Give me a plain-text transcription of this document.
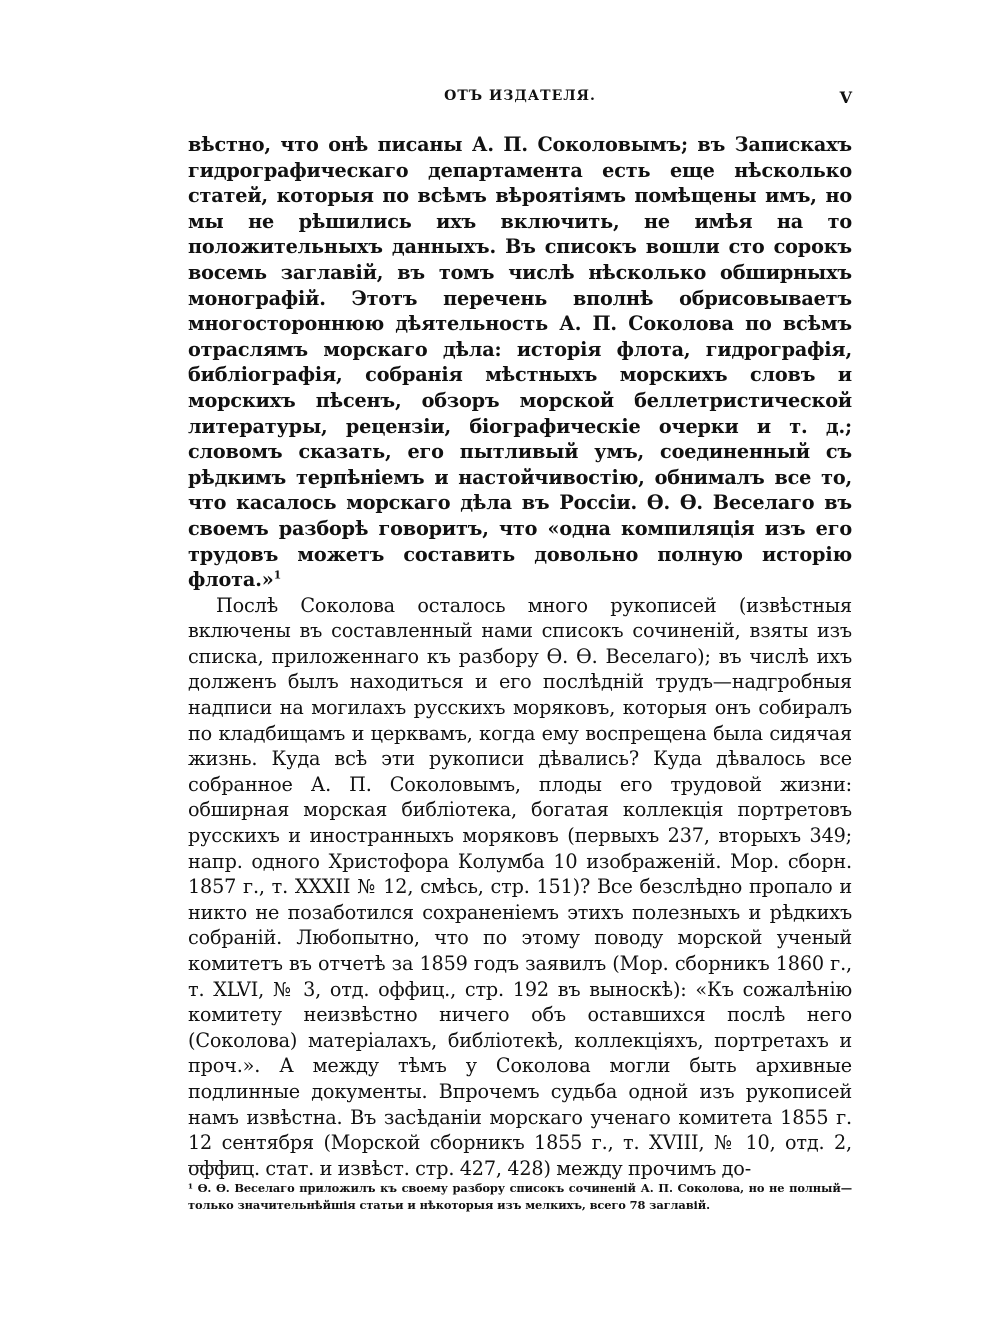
ОТЪ ИЗДАТЕЛЯ.	V

вѣстно, что онѣ писаны А. П. Соколовымъ; въ Запискахъ гидрографическаго департамента есть еще нѣсколько статей, которыя по всѣмъ вѣроятіямъ помѣщены имъ, но мы не рѣшились ихъ включить, не имѣя на то положительныхъ данныхъ. Въ списокъ вошли сто сорокъ восемь заглавій, въ томъ числѣ нѣсколько обширныхъ монографій. Этотъ перечень вполнѣ обрисовываетъ многостороннюю дѣятельность А. П. Соколова по всѣмъ отраслямъ морскаго дѣла: исторія флота, гидрографія, библіографія, собранія мѣстныхъ морскихъ словъ и морскихъ пѣсенъ, обзоръ морской беллетристической литературы, рецензіи, біографическіе очерки и т. д.; словомъ сказать, его пытливый умъ, соединенный съ рѣдкимъ терпѣніемъ и настойчивостію, обнималъ все то, что касалось морскаго дѣла въ Россіи. Ѳ. Ѳ. Веселаго въ своемъ разборѣ говоритъ, что «одна компиляція изъ его трудовъ можетъ составить довольно полную исторію флота.»$^1$

Послѣ Соколова осталось много рукописей (извѣстныя включены въ составленный нами списокъ сочиненій, взяты изъ списка, приложеннаго къ разбору Ѳ. Ѳ. Веселаго); въ числѣ ихъ долженъ былъ находиться и его послѣдній трудъ—надгробныя надписи на могилахъ русскихъ моряковъ, которыя онъ собиралъ по кладбищамъ и церквамъ, когда ему воспрещена была сидячая жизнь. Куда всѣ эти рукописи дѣвались? Куда дѣвалось все собранное А. П. Соколовымъ, плоды его трудовой жизни: обширная морская библіотека, богатая коллекція портретовъ русскихъ и иностранныхъ моряковъ (первыхъ 237, вторыхъ 349; напр. одного Христофора Колумба 10 изображеній. Мор. сборн. 1857 г., т. XXXII № 12, смѣсь, стр. 151)? Все безслѣдно пропало и никто не позаботился сохраненіемъ этихъ полезныхъ и рѣдкихъ собраній. Любопытно, что по этому поводу морской ученый комитетъ въ отчетѣ за 1859 годъ заявилъ (Мор. сборникъ 1860 г., т. XLVI, № 3, отд. оффиц., стр. 192 въ выноскѣ): «Къ сожалѣнію комитету неизвѣстно ничего объ оставшихся послѣ него (Соколова) матеріалахъ, библіотекѣ, коллекціяхъ, портретахъ и проч.». А между тѣмъ у Соколова могли быть архивные подлинные документы. Впрочемъ судьба одной изъ рукописей намъ извѣстна. Въ засѣданіи морскаго ученаго комитета 1855 г. 12 сентября (Морской сборникъ 1855 г., т. XVIII, № 10, отд. 2, оффиц. стат. и извѣст. стр. 427, 428) между прочимъ до-

¹ Ѳ. Ѳ. Веселаго приложилъ къ своему разбору списокъ сочиненій А. П. Соколова, но не полный—только значительнѣйшія статьи и нѣкоторыя изъ мелкихъ, всего 78 заглавій.
